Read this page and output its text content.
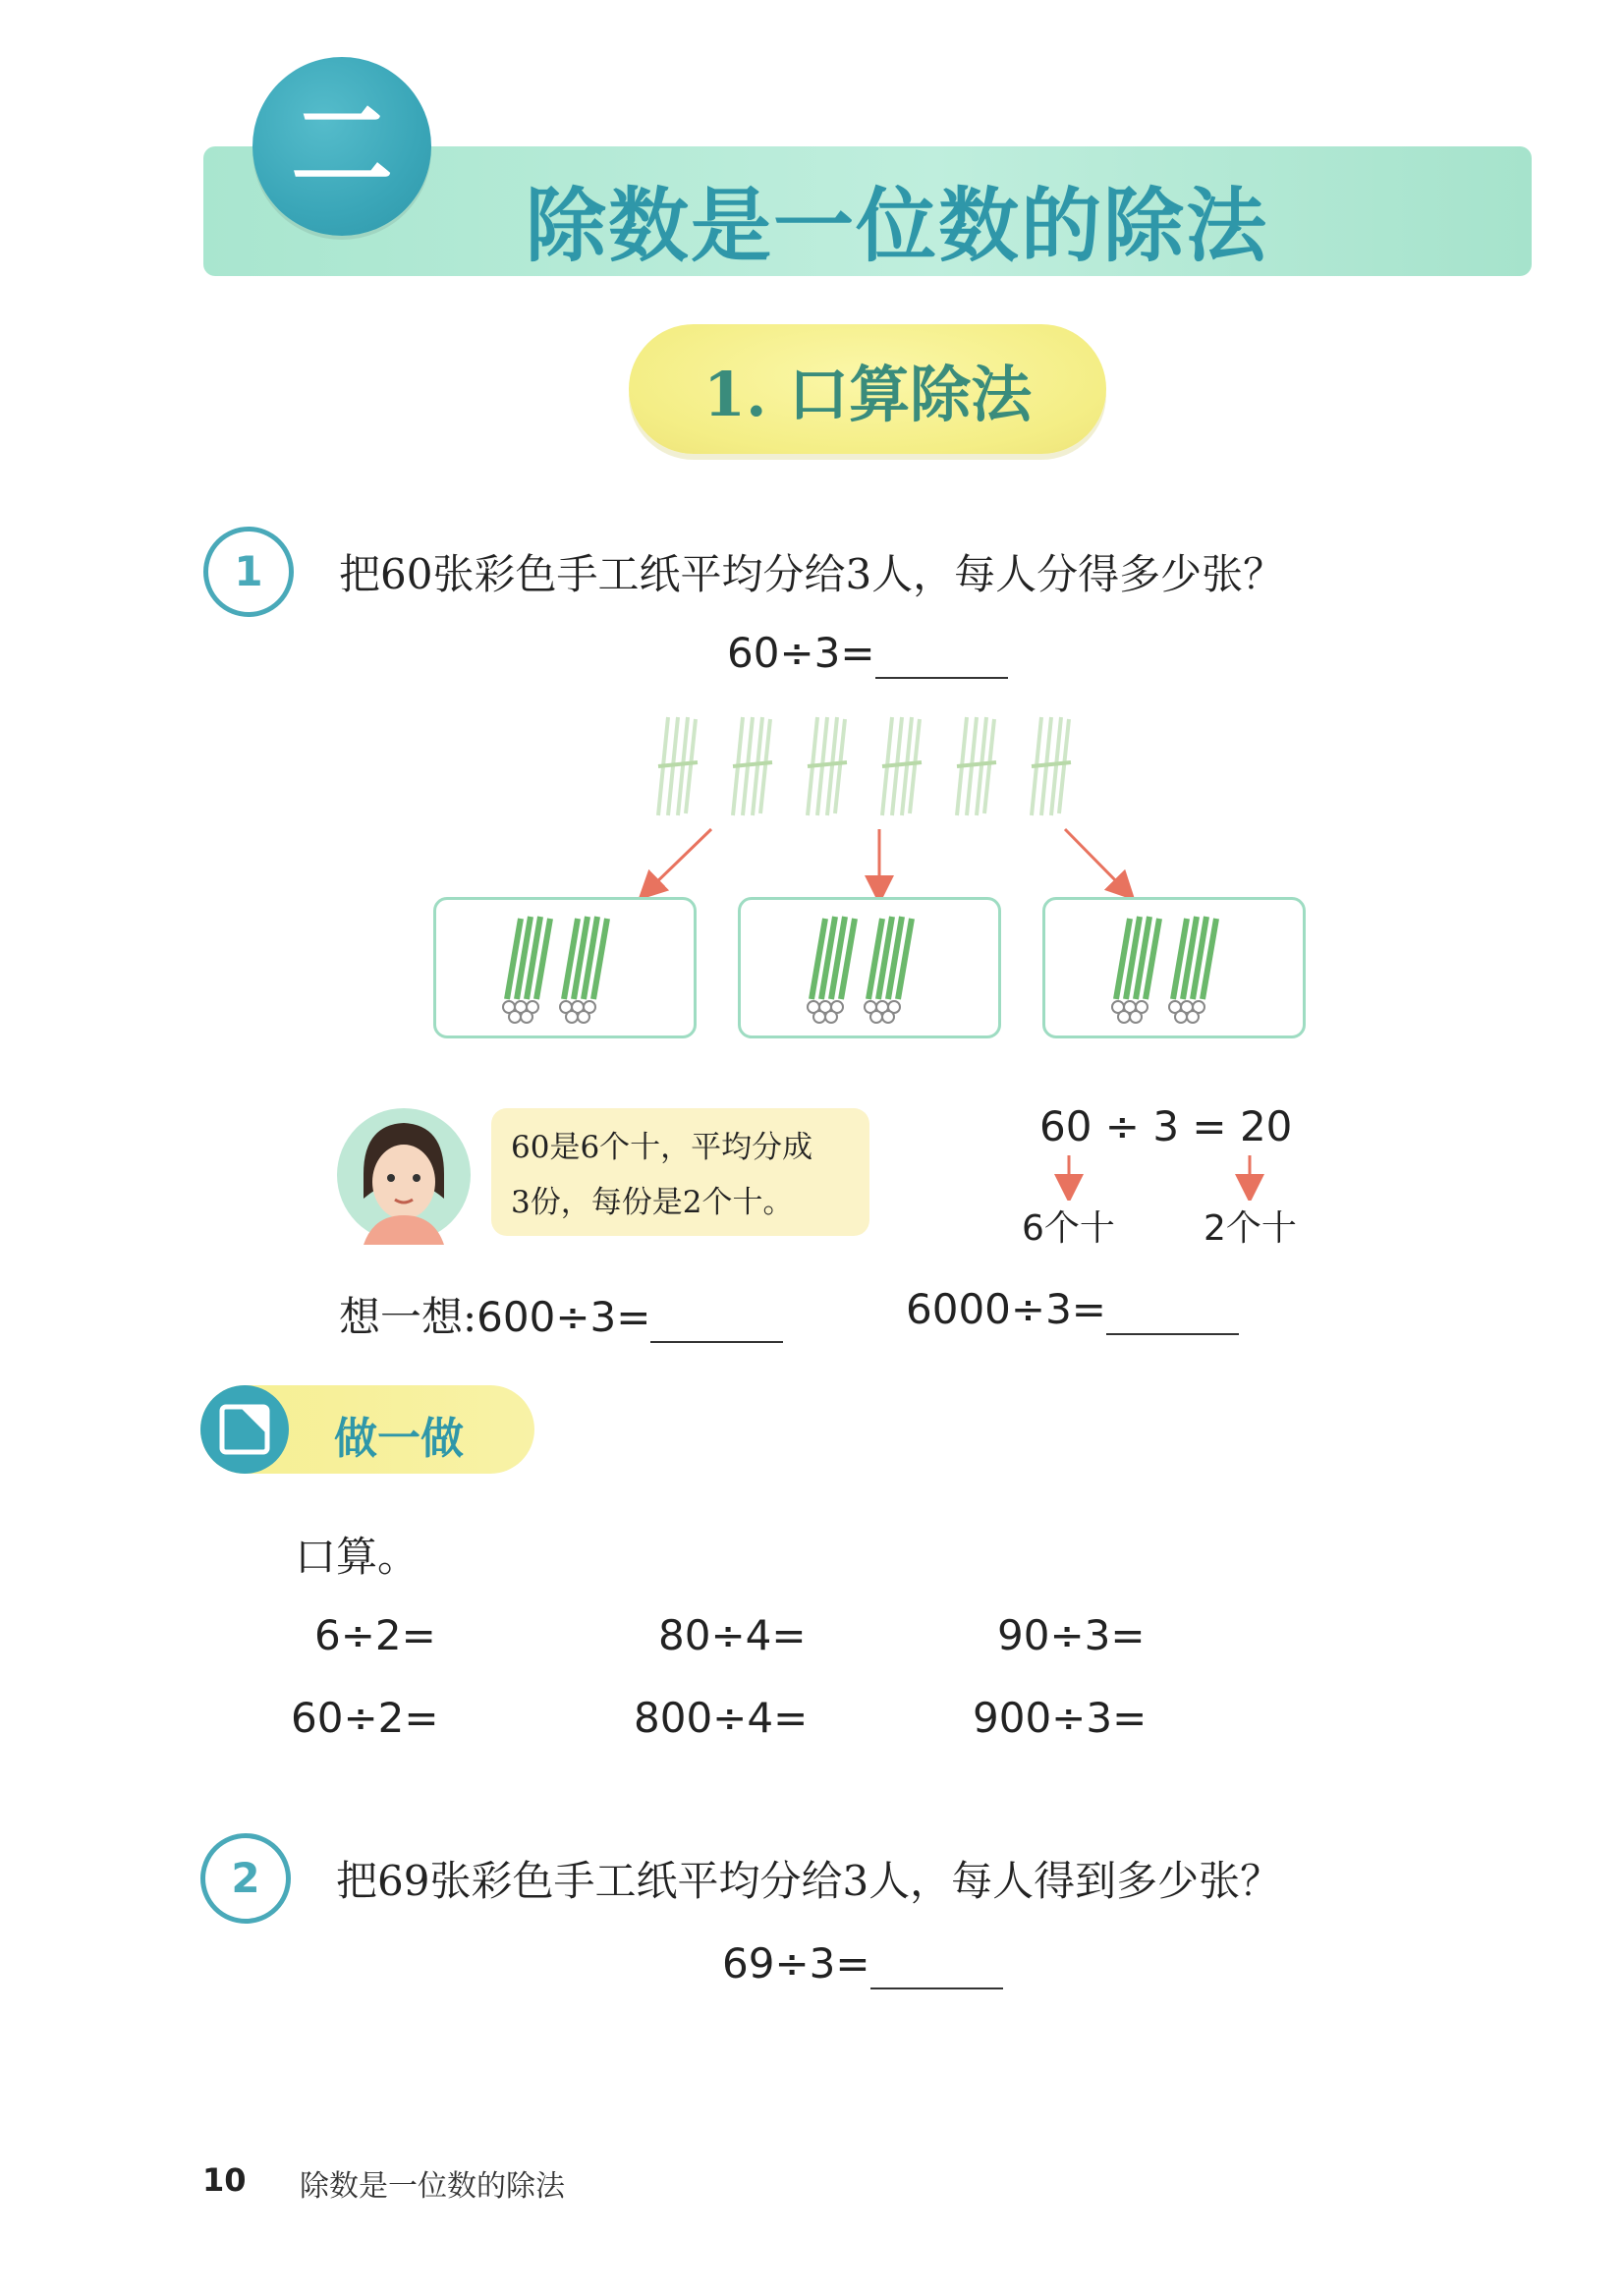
二
除数是一位数的除法
1. 口算除法
1	把60张彩色手工纸平均分给3人，每人分得多少张？
60÷3=
60是6个十，平均分成
3份，每份是2个十。
60 ÷ 3 = 20
6个十	2个十
想一想:600÷3=	6000÷3=
做一做
口算。
6÷2=	80÷4=	90÷3=
60÷2=	800÷4=	900÷3=
2	把69张彩色手工纸平均分给3人，每人得到多少张？
69÷3=
10 除数是一位数的除法
